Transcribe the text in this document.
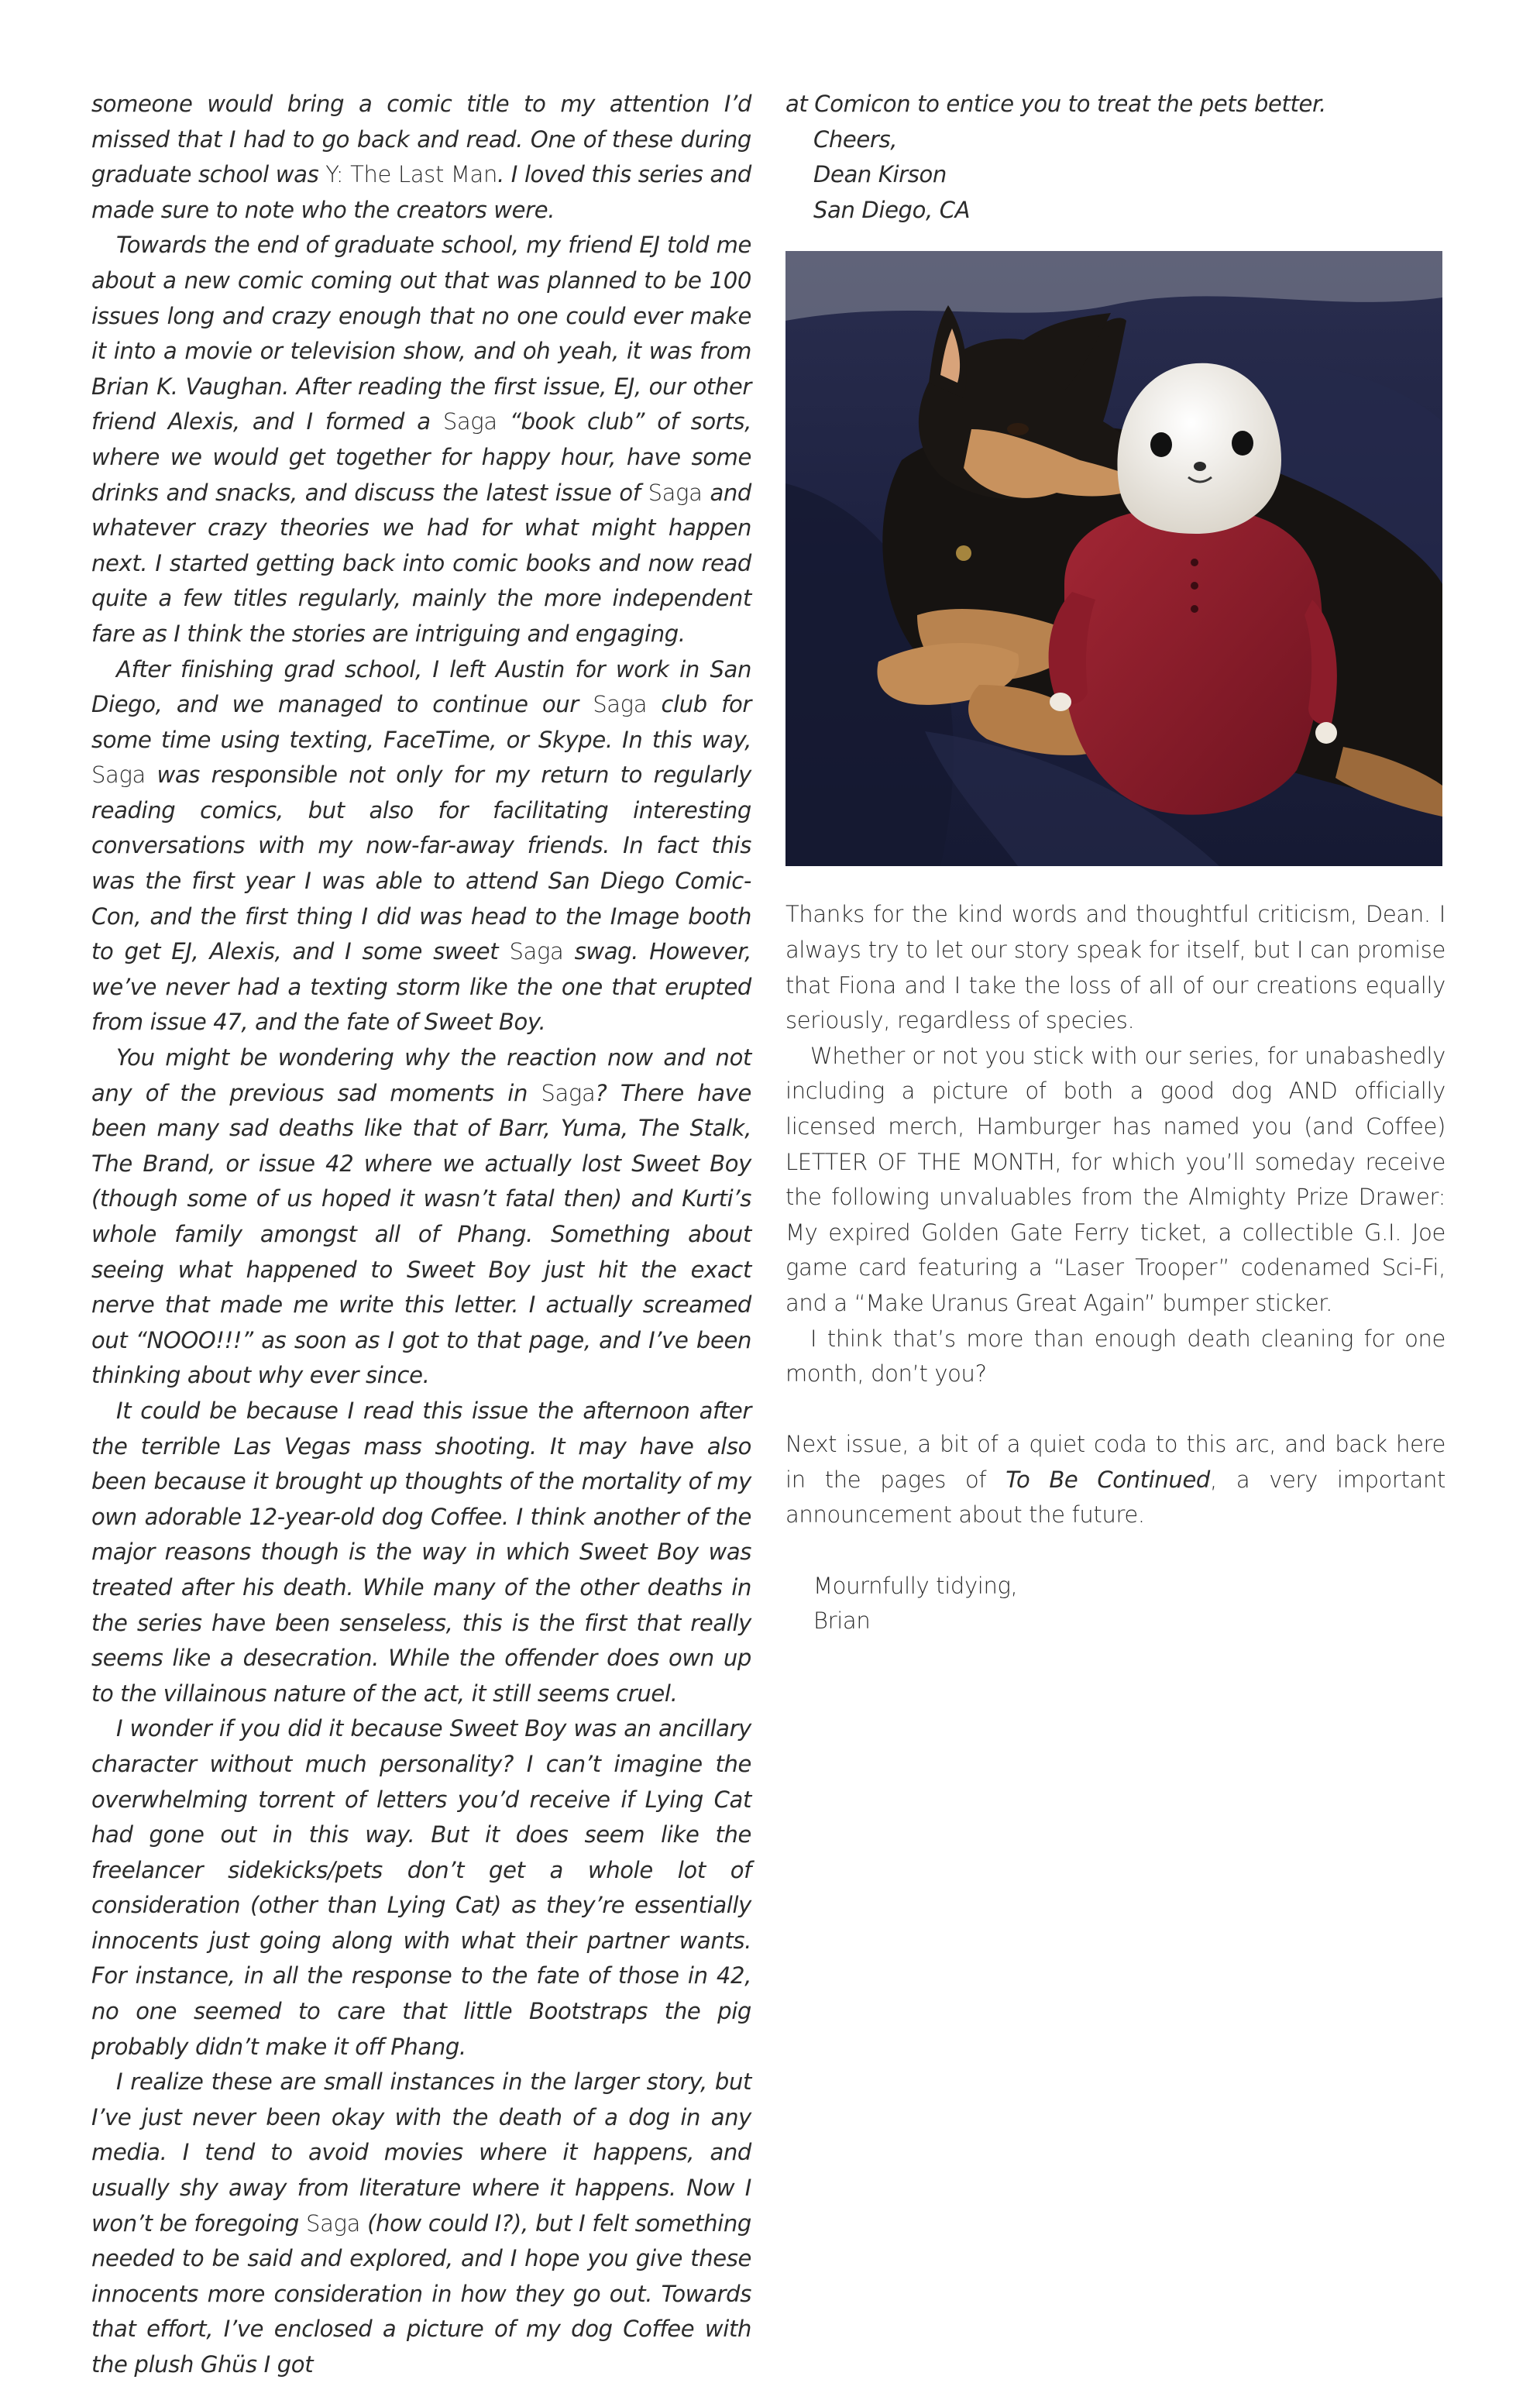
someone would bring a comic title to my attention I’d missed that I had to go back and read. One of these during graduate school was Y: The Last Man. I loved this series and made sure to note who the creators were.

Towards the end of graduate school, my friend EJ told me about a new comic coming out that was planned to be 100 issues long and crazy enough that no one could ever make it into a movie or television show, and oh yeah, it was from Brian K. Vaughan. After reading the first issue, EJ, our other friend Alexis, and I formed a Saga “book club” of sorts, where we would get together for happy hour, have some drinks and snacks, and discuss the latest issue of Saga and whatever crazy theories we had for what might happen next. I started getting back into comic books and now read quite a few titles regularly, mainly the more independent fare as I think the stories are intriguing and engaging.

After finishing grad school, I left Austin for work in San Diego, and we managed to continue our Saga club for some time using texting, FaceTime, or Skype. In this way, Saga was responsible not only for my return to regularly reading comics, but also for facilitating interesting conversations with my now-far-away friends. In fact this was the first year I was able to attend San Diego Comic-Con, and the first thing I did was head to the Image booth to get EJ, Alexis, and I some sweet Saga swag. However, we’ve never had a texting storm like the one that erupted from issue 47, and the fate of Sweet Boy.

You might be wondering why the reaction now and not any of the previous sad moments in Saga? There have been many sad deaths like that of Barr, Yuma, The Stalk, The Brand, or issue 42 where we actually lost Sweet Boy (though some of us hoped it wasn’t fatal then) and Kurti’s whole family amongst all of Phang. Something about seeing what happened to Sweet Boy just hit the exact nerve that made me write this letter. I actually screamed out “NOOO!!!” as soon as I got to that page, and I’ve been thinking about why ever since.

It could be because I read this issue the afternoon after the terrible Las Vegas mass shooting. It may have also been because it brought up thoughts of the mortality of my own adorable 12-year-old dog Coffee. I think another of the major reasons though is the way in which Sweet Boy was treated after his death. While many of the other deaths in the series have been senseless, this is the first that really seems like a desecration. While the offender does own up to the villainous nature of the act, it still seems cruel.

I wonder if you did it because Sweet Boy was an ancillary character without much personality? I can’t imagine the overwhelming torrent of letters you’d receive if Lying Cat had gone out in this way. But it does seem like the freelancer sidekicks/pets don’t get a whole lot of consideration (other than Lying Cat) as they’re essentially innocents just going along with what their partner wants. For instance, in all the response to the fate of those in 42, no one seemed to care that little Bootstraps the pig probably didn’t make it off Phang.

I realize these are small instances in the larger story, but I’ve just never been okay with the death of a dog in any media. I tend to avoid movies where it happens, and usually shy away from literature where it happens. Now I won’t be foregoing Saga (how could I?), but I felt something needed to be said and explored, and I hope you give these innocents more consideration in how they go out. Towards that effort, I’ve enclosed a picture of my dog Coffee with the plush Ghüs I got

at Comicon to entice you to treat the pets better.

Cheers,

Dean Kirson

San Diego, CA

Thanks for the kind words and thoughtful criticism, Dean. I always try to let our story speak for itself, but I can promise that Fiona and I take the loss of all of our creations equally seriously, regardless of species.

Whether or not you stick with our series, for unabashedly including a picture of both a good dog AND officially licensed merch, Hamburger has named you (and Coffee) LETTER OF THE MONTH, for which you’ll someday receive the following unvaluables from the Almighty Prize Drawer: My expired Golden Gate Ferry ticket, a collectible G.I. Joe game card featuring a “Laser Trooper” codenamed Sci-Fi, and a “Make Uranus Great Again” bumper sticker.

I think that’s more than enough death cleaning for one month, don’t you?

Next issue, a bit of a quiet coda to this arc, and back here in the pages of To Be Continued, a very important announcement about the future.

Mournfully tidying,

Brian
